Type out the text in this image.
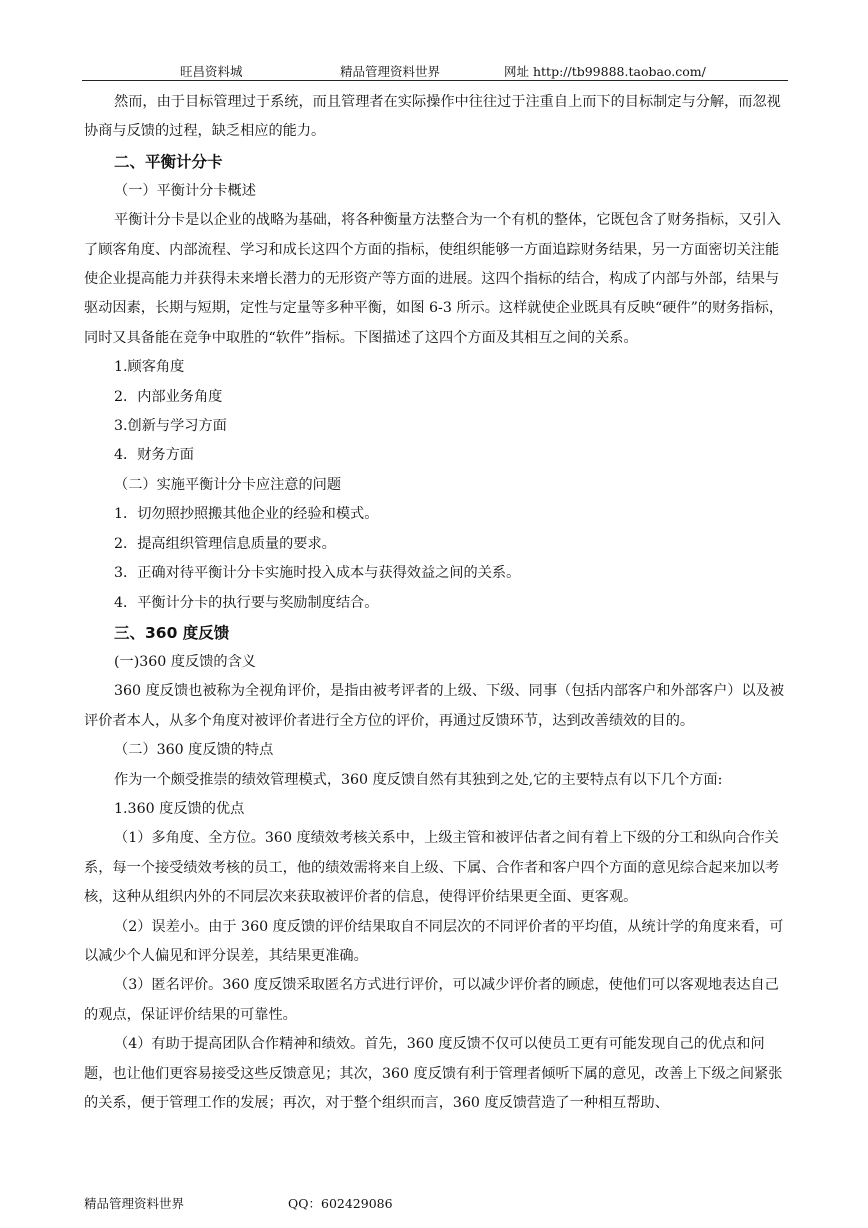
旺昌资料城	精品管理资料世界	网址 http://tb99888.taobao.com/

然而，由于目标管理过于系统，而且管理者在实际操作中往往过于注重自上而下的目标制定与分解，而忽视协商与反馈的过程，缺乏相应的能力。

二、平衡计分卡

（一）平衡计分卡概述

平衡计分卡是以企业的战略为基础，将各种衡量方法整合为一个有机的整体，它既包含了财务指标，又引入了顾客角度、内部流程、学习和成长这四个方面的指标，使组织能够一方面追踪财务结果，另一方面密切关注能使企业提高能力并获得未来增长潜力的无形资产等方面的进展。这四个指标的结合，构成了内部与外部，结果与驱动因素，长期与短期，定性与定量等多种平衡，如图 6-3 所示。这样就使企业既具有反映“硬件”的财务指标，同时又具备能在竞争中取胜的“软件”指标。下图描述了这四个方面及其相互之间的关系。

1.顾客角度

2．内部业务角度

3.创新与学习方面

4．财务方面

（二）实施平衡计分卡应注意的问题

1．切勿照抄照搬其他企业的经验和模式。

2．提高组织管理信息质量的要求。

3．正确对待平衡计分卡实施时投入成本与获得效益之间的关系。

4．平衡计分卡的执行要与奖励制度结合。

三、360 度反馈

(一)360 度反馈的含义

360 度反馈也被称为全视角评价，是指由被考评者的上级、下级、同事（包括内部客户和外部客户）以及被评价者本人，从多个角度对被评价者进行全方位的评价，再通过反馈环节，达到改善绩效的目的。

（二）360 度反馈的特点

作为一个颇受推崇的绩效管理模式，360 度反馈自然有其独到之处,它的主要特点有以下几个方面:

1.360 度反馈的优点

（1）多角度、全方位。360 度绩效考核关系中，上级主管和被评估者之间有着上下级的分工和纵向合作关系，每一个接受绩效考核的员工，他的绩效需将来自上级、下属、合作者和客户四个方面的意见综合起来加以考核，这种从组织内外的不同层次来获取被评价者的信息，使得评价结果更全面、更客观。

（2）误差小。由于 360 度反馈的评价结果取自不同层次的不同评价者的平均值，从统计学的角度来看，可以减少个人偏见和评分误差，其结果更准确。

（3）匿名评价。360 度反馈采取匿名方式进行评价，可以减少评价者的顾虑，使他们可以客观地表达自己的观点，保证评价结果的可靠性。

（4）有助于提高团队合作精神和绩效。首先，360 度反馈不仅可以使员工更有可能发现自己的优点和问题，也让他们更容易接受这些反馈意见；其次，360 度反馈有利于管理者倾听下属的意见，改善上下级之间紧张的关系，便于管理工作的发展；再次，对于整个组织而言，360 度反馈营造了一种相互帮助、

精品管理资料世界	QQ：602429086
